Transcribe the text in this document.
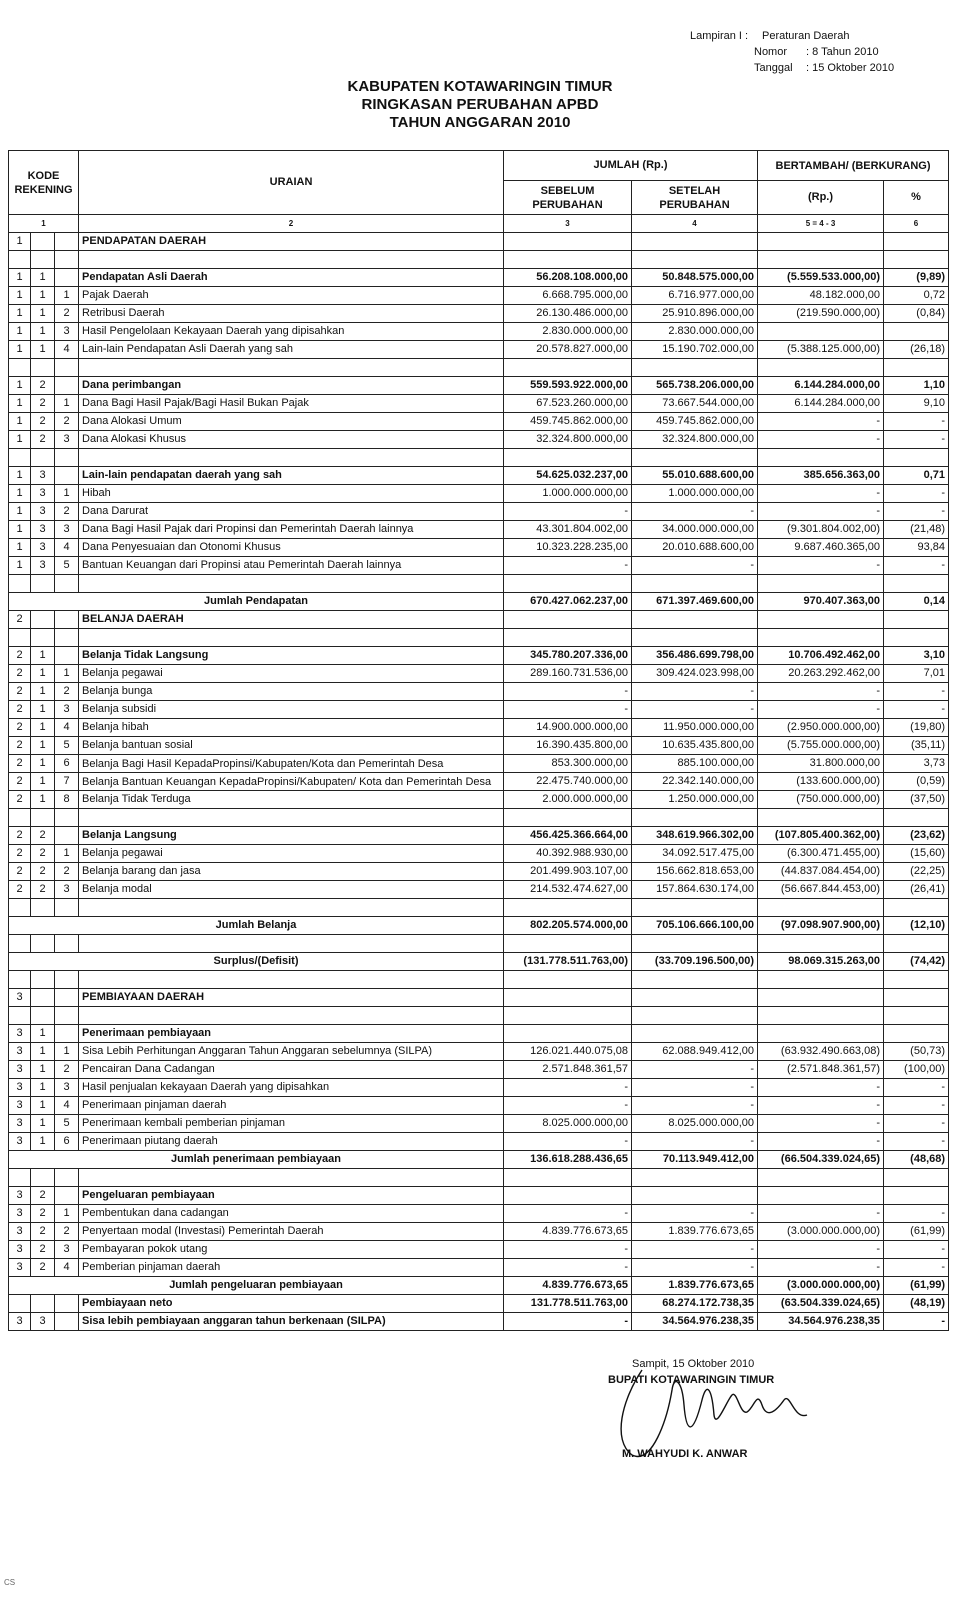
Lampiran I : Peraturan Daerah
Nomor : 8 Tahun 2010
Tanggal : 15 Oktober 2010
KABUPATEN KOTAWARINGIN TIMUR
RINGKASAN PERUBAHAN APBD
TAHUN ANGGARAN 2010
KODE REKENING			URAIAN	JUMLAH (Rp.)		BERTAMBAH/ (BERKURANG)	
				SEBELUM PERUBAHAN	SETELAH PERUBAHAN	(Rp.)	%
1			2	3	4	5 = 4 - 3	6
1			PENDAPATAN DAERAH				

1	1		Pendapatan Asli Daerah	56.208.108.000,00	50.848.575.000,00	(5.559.533.000,00)	(9,89)
1	1	1	Pajak Daerah	6.668.795.000,00	6.716.977.000,00	48.182.000,00	0,72
1	1	2	Retribusi Daerah	26.130.486.000,00	25.910.896.000,00	(219.590.000,00)	(0,84)
1	1	3	Hasil Pengelolaan Kekayaan Daerah yang dipisahkan	2.830.000.000,00	2.830.000.000,00		
1	1	4	Lain-lain Pendapatan Asli Daerah yang sah	20.578.827.000,00	15.190.702.000,00	(5.388.125.000,00)	(26,18)

1	2		Dana perimbangan	559.593.922.000,00	565.738.206.000,00	6.144.284.000,00	1,10
1	2	1	Dana Bagi Hasil Pajak/Bagi Hasil Bukan Pajak	67.523.260.000,00	73.667.544.000,00	6.144.284.000,00	9,10
1	2	2	Dana Alokasi Umum	459.745.862.000,00	459.745.862.000,00	-	-
1	2	3	Dana Alokasi Khusus	32.324.800.000,00	32.324.800.000,00	-	-

1	3		Lain-lain pendapatan daerah yang sah	54.625.032.237,00	55.010.688.600,00	385.656.363,00	0,71
1	3	1	Hibah	1.000.000.000,00	1.000.000.000,00	-	-
1	3	2	Dana Darurat	-	-	-	-
1	3	3	Dana Bagi Hasil Pajak dari Propinsi dan Pemerintah Daerah lainnya	43.301.804.002,00	34.000.000.000,00	(9.301.804.002,00)	(21,48)
1	3	4	Dana Penyesuaian dan Otonomi Khusus	10.323.228.235,00	20.010.688.600,00	9.687.460.365,00	93,84
1	3	5	Bantuan Keuangan dari Propinsi atau Pemerintah Daerah lainnya	-	-	-	-

Jumlah Pendapatan				670.427.062.237,00	671.397.469.600,00	970.407.363,00	0,14
2			BELANJA DAERAH				

2	1		Belanja Tidak Langsung	345.780.207.336,00	356.486.699.798,00	10.706.492.462,00	3,10
2	1	1	Belanja pegawai	289.160.731.536,00	309.424.023.998,00	20.263.292.462,00	7,01
2	1	2	Belanja bunga	-	-	-	-
2	1	3	Belanja subsidi	-	-	-	-
2	1	4	Belanja hibah	14.900.000.000,00	11.950.000.000,00	(2.950.000.000,00)	(19,80)
2	1	5	Belanja bantuan sosial	16.390.435.800,00	10.635.435.800,00	(5.755.000.000,00)	(35,11)
2	1	6	Belanja Bagi Hasil KepadaPropinsi/Kabupaten/Kota dan Pemerintah Desa	853.300.000,00	885.100.000,00	31.800.000,00	3,73
2	1	7	Belanja Bantuan Keuangan KepadaPropinsi/Kabupaten/ Kota dan Pemerintah Desa	22.475.740.000,00	22.342.140.000,00	(133.600.000,00)	(0,59)
2	1	8	Belanja Tidak Terduga	2.000.000.000,00	1.250.000.000,00	(750.000.000,00)	(37,50)

2	2		Belanja Langsung	456.425.366.664,00	348.619.966.302,00	(107.805.400.362,00)	(23,62)
2	2	1	Belanja pegawai	40.392.988.930,00	34.092.517.475,00	(6.300.471.455,00)	(15,60)
2	2	2	Belanja barang dan jasa	201.499.903.107,00	156.662.818.653,00	(44.837.084.454,00)	(22,25)
2	2	3	Belanja modal	214.532.474.627,00	157.864.630.174,00	(56.667.844.453,00)	(26,41)

Jumlah Belanja				802.205.574.000,00	705.106.666.100,00	(97.098.907.900,00)	(12,10)

Surplus/(Defisit)				(131.778.511.763,00)	(33.709.196.500,00)	98.069.315.263,00	(74,42)

3			PEMBIAYAAN DAERAH				

3	1		Penerimaan pembiayaan				
3	1	1	Sisa Lebih Perhitungan Anggaran Tahun Anggaran sebelumnya (SILPA)	126.021.440.075,08	62.088.949.412,00	(63.932.490.663,08)	(50,73)
3	1	2	Pencairan Dana Cadangan	2.571.848.361,57	-	(2.571.848.361,57)	(100,00)
3	1	3	Hasil penjualan kekayaan Daerah yang dipisahkan	-	-	-	-
3	1	4	Penerimaan pinjaman daerah	-	-	-	-
3	1	5	Penerimaan kembali pemberian pinjaman	8.025.000.000,00	8.025.000.000,00	-	-
3	1	6	Penerimaan piutang daerah	-	-	-	-
Jumlah penerimaan pembiayaan				136.618.288.436,65	70.113.949.412,00	(66.504.339.024,65)	(48,68)

3	2		Pengeluaran pembiayaan				
3	2	1	Pembentukan dana cadangan	-	-	-	-
3	2	2	Penyertaan modal (Investasi) Pemerintah Daerah	4.839.776.673,65	1.839.776.673,65	(3.000.000.000,00)	(61,99)
3	2	3	Pembayaran pokok utang	-	-	-	-
3	2	4	Pemberian pinjaman daerah	-	-	-	-
Jumlah pengeluaran pembiayaan				4.839.776.673,65	1.839.776.673,65	(3.000.000.000,00)	(61,99)
			Pembiayaan neto	131.778.511.763,00	68.274.172.738,35	(63.504.339.024,65)	(48,19)
3	3		Sisa lebih pembiayaan anggaran tahun berkenaan (SILPA)	-	34.564.976.238,35	34.564.976.238,35	-
Sampit, 15 Oktober 2010
BUPATI KOTAWARINGIN TIMUR
M. WAHYUDI K. ANWAR
CS
